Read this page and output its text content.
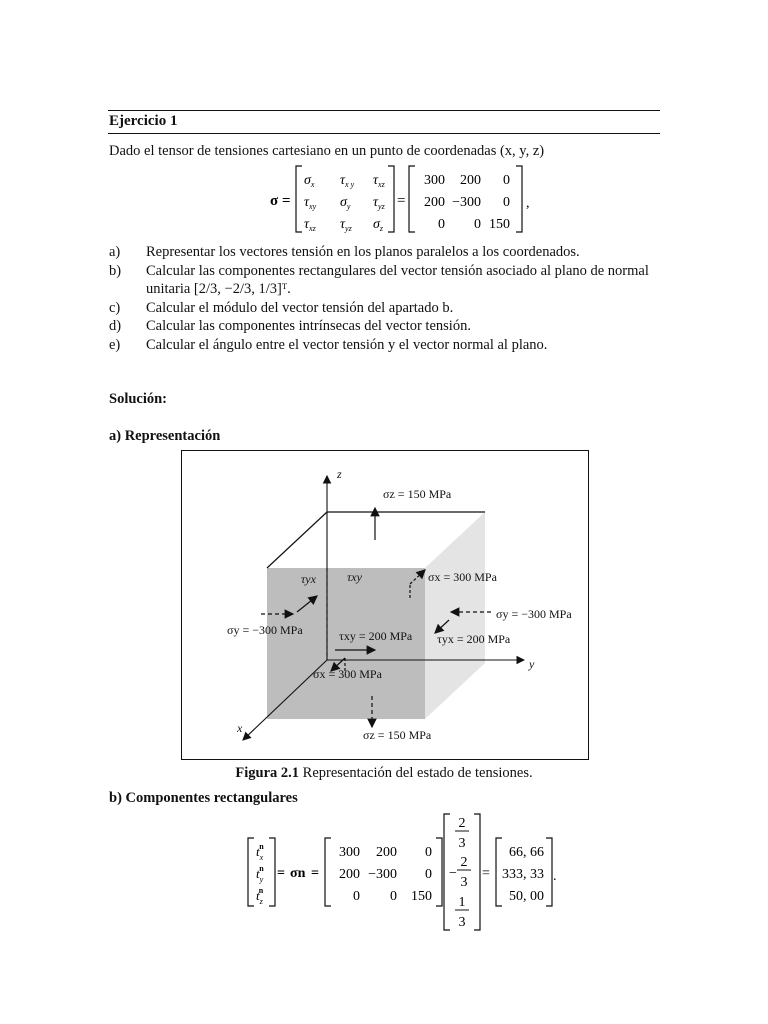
Ejercicio 1
Dado el tensor de tensiones cartesiano en un punto de coordenadas (x, y, z)
σ =
$\sigma_x$ $\tau_{x y}$ $\tau_{xz}$
$\tau_{xy}$ $\sigma_y$ $\tau_{yz}$
$\tau_{xz}$ $\tau_{yz}$ $\sigma_z$
=
300 200 0
200 −300 0
0 0 150
,
a) Representar los vectores tensión en los planos paralelos a los coordenados.
b) Calcular las componentes rectangulares del vector tensión asociado al plano de normal unitaria [2/3, −2/3, 1/3]ᵀ.
c) Calcular el módulo del vector tensión del apartado b.
d) Calcular las componentes intrínsecas del vector tensión.
e) Calcular el ángulo entre el vector tensión y el vector normal al plano.
Solución:
a) Representación
z
y
x
σz = 150 MPa
σx = 300 MPa
σy = −300 MPa
τyx	τxy
σy = −300 MPa	τxy = 200 MPa τyx = 200 MPa
σx = 300 MPa
σz = 150 MPa
Figura 2.1 Representación del estado de tensiones.
b) Componentes rectangulares
$t_xn$
$t_yn$
$t_zn$
= σn =
300 200 0
200 −300 0
0 0 150
2
3
−
2
3
1
3
=
66, 66
333, 33
50, 00
.
